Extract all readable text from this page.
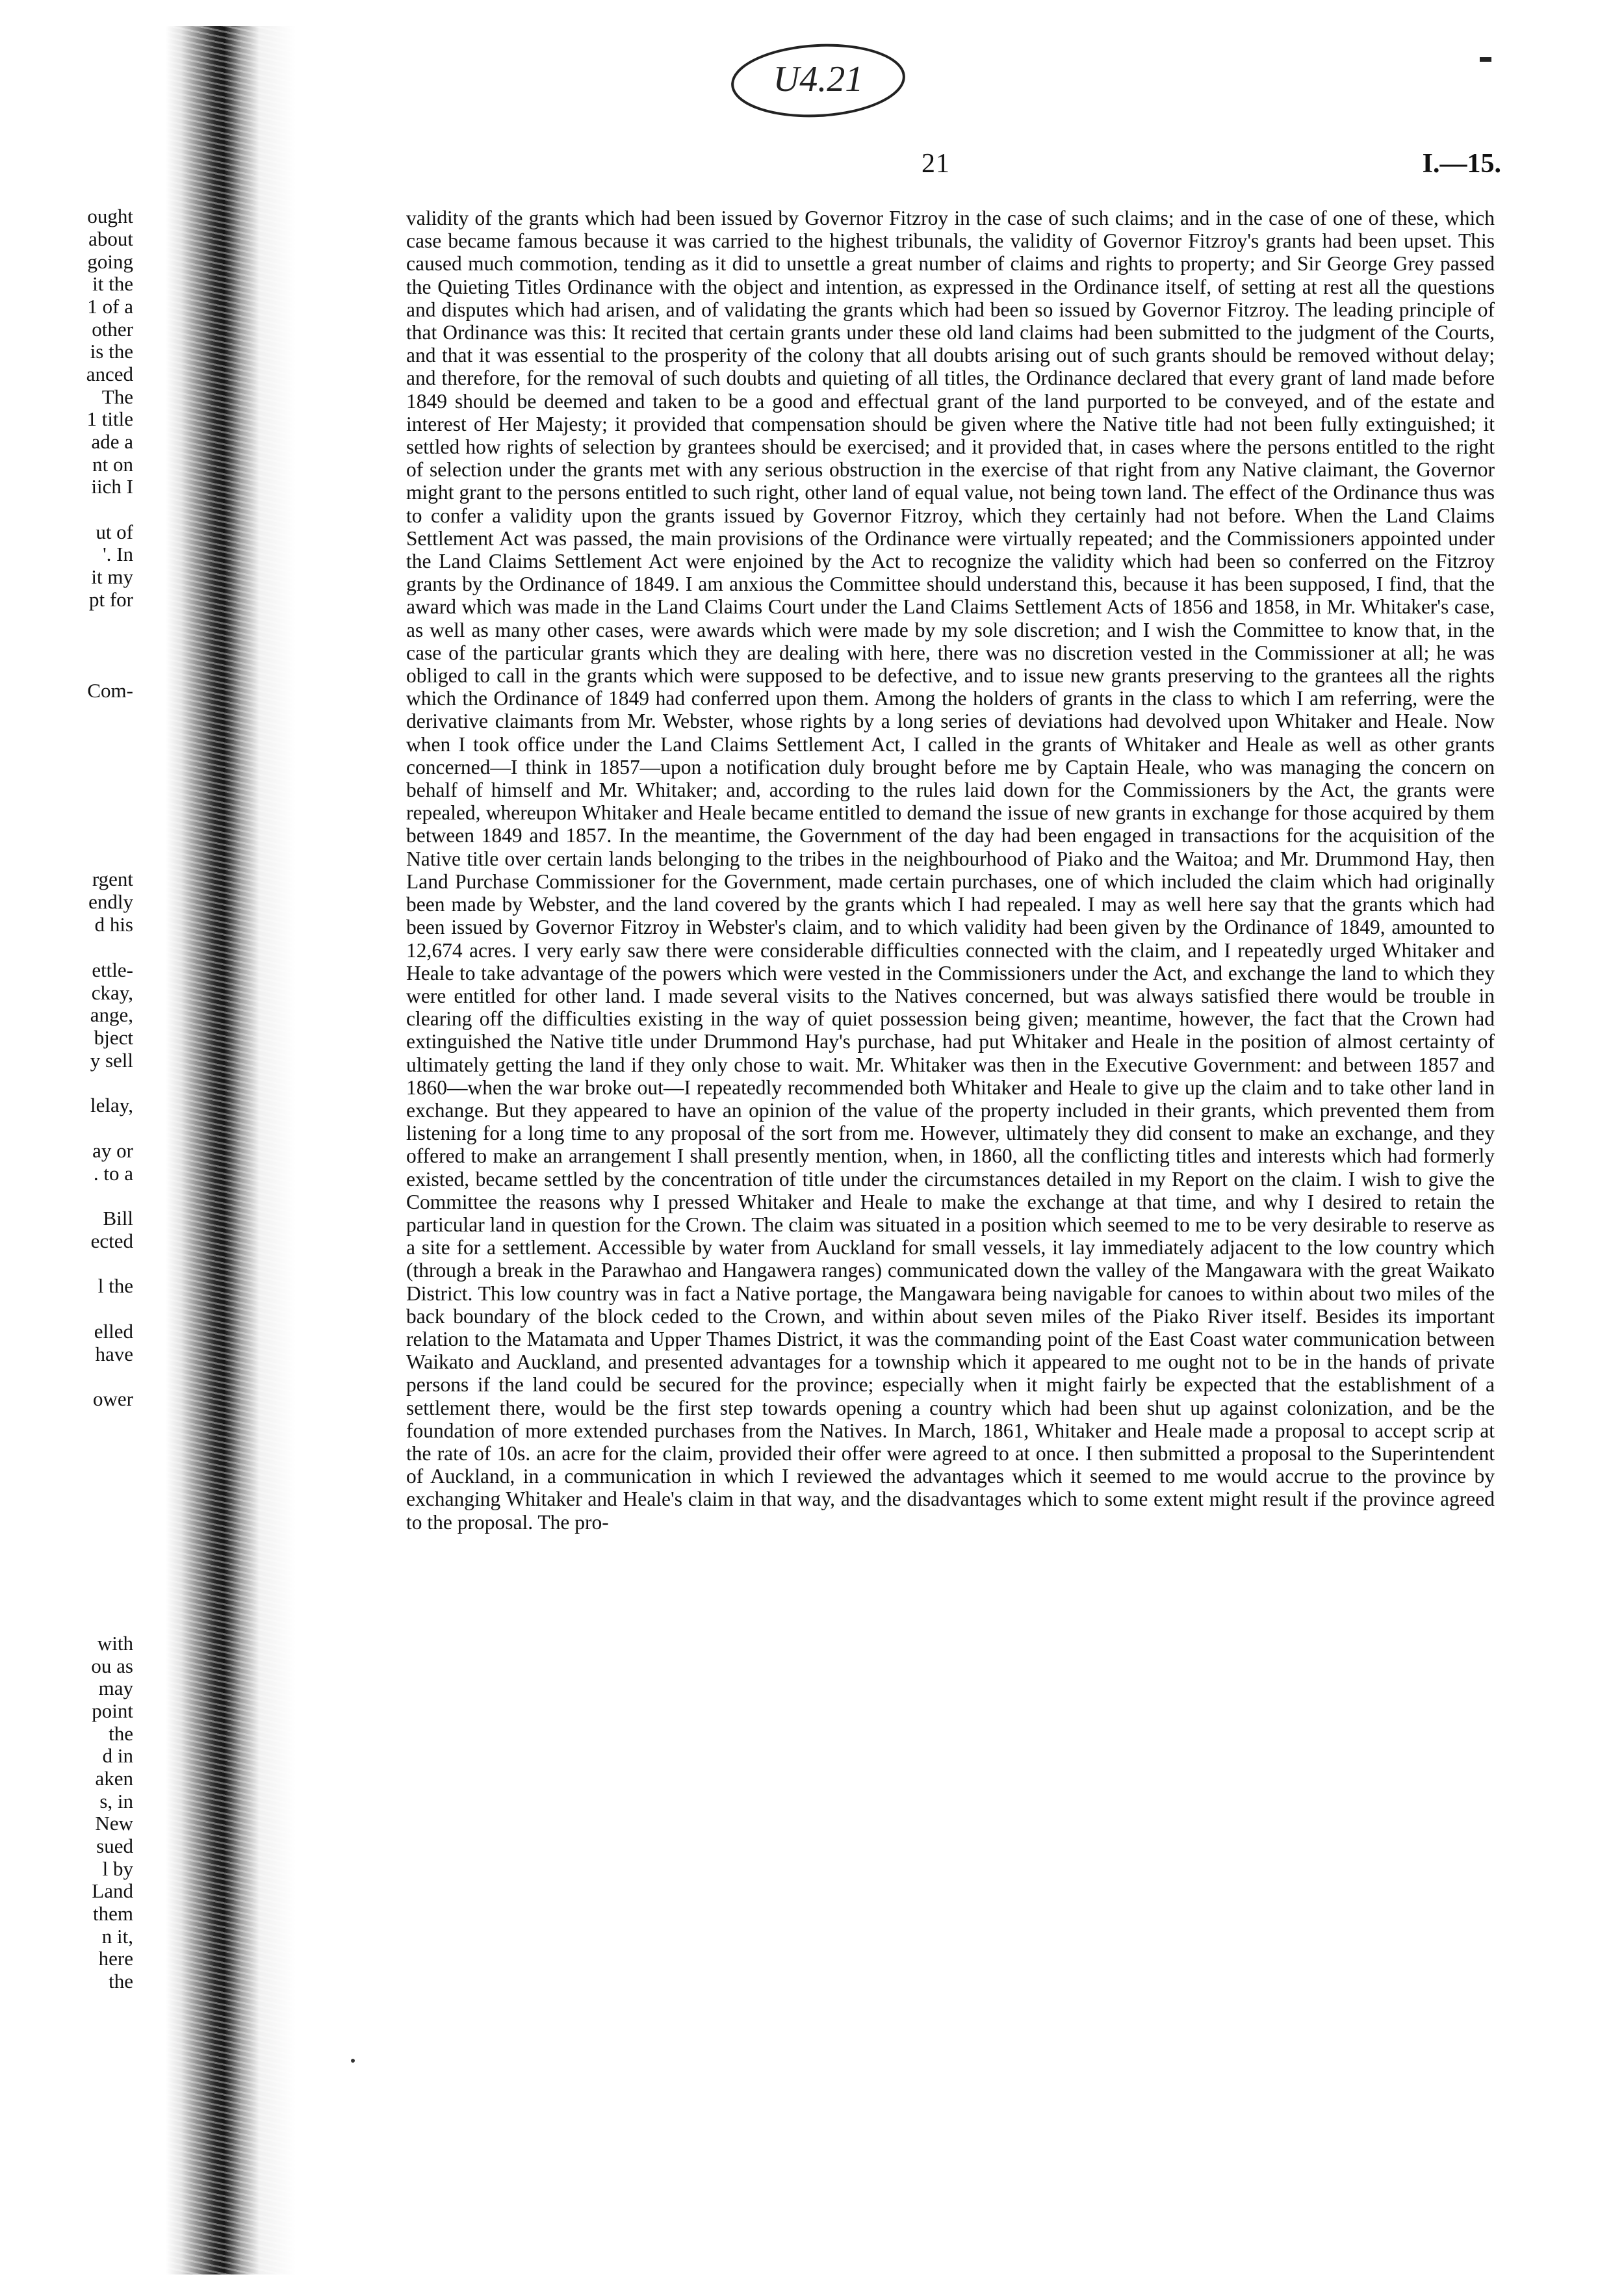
U4.21
21	I.—15.
ought
about
going
it the
1 of a
other
is the
anced
The
1 title
ade a
nt on
iich I
ut of
'. In
it my
pt for
Com-
rgent
endly
d his
ettle-
ckay,
ange,
bject
y sell
lelay,
ay or
. to a
Bill
ected
l the
elled
have
ower
with
ou as
may
point
the
d in
aken
s, in
New
sued
l by
Land
them
n it,
here
the

validity of the grants which had been issued by Governor Fitzroy in the case of such claims; and in the case of one of these, which case became famous because it was carried to the highest tribunals, the validity of Governor Fitzroy's grants had been upset. This caused much commotion, tending as it did to unsettle a great number of claims and rights to property; and Sir George Grey passed the Quieting Titles Ordinance with the object and intention, as expressed in the Ordinance itself, of setting at rest all the questions and disputes which had arisen, and of validating the grants which had been so issued by Governor Fitzroy. The leading principle of that Ordinance was this: It recited that certain grants under these old land claims had been submitted to the judgment of the Courts, and that it was essential to the prosperity of the colony that all doubts arising out of such grants should be removed without delay; and therefore, for the removal of such doubts and quieting of all titles, the Ordinance declared that every grant of land made before 1849 should be deemed and taken to be a good and effectual grant of the land purported to be conveyed, and of the estate and interest of Her Majesty; it provided that compensation should be given where the Native title had not been fully extinguished; it settled how rights of selection by grantees should be exercised; and it provided that, in cases where the persons entitled to the right of selection under the grants met with any serious obstruction in the exercise of that right from any Native claimant, the Governor might grant to the persons entitled to such right, other land of equal value, not being town land. The effect of the Ordinance thus was to confer a validity upon the grants issued by Governor Fitzroy, which they certainly had not before. When the Land Claims Settlement Act was passed, the main provisions of the Ordinance were virtually repeated; and the Commissioners appointed under the Land Claims Settlement Act were enjoined by the Act to recognize the validity which had been so conferred on the Fitzroy grants by the Ordinance of 1849. I am anxious the Committee should understand this, because it has been supposed, I find, that the award which was made in the Land Claims Court under the Land Claims Settlement Acts of 1856 and 1858, in Mr. Whitaker's case, as well as many other cases, were awards which were made by my sole discretion; and I wish the Committee to know that, in the case of the particular grants which they are dealing with here, there was no discretion vested in the Commissioner at all; he was obliged to call in the grants which were supposed to be defective, and to issue new grants preserving to the grantees all the rights which the Ordinance of 1849 had conferred upon them. Among the holders of grants in the class to which I am referring, were the derivative claimants from Mr. Webster, whose rights by a long series of deviations had devolved upon Whitaker and Heale. Now when I took office under the Land Claims Settlement Act, I called in the grants of Whitaker and Heale as well as other grants concerned—I think in 1857—upon a notification duly brought before me by Captain Heale, who was managing the concern on behalf of himself and Mr. Whitaker; and, according to the rules laid down for the Commissioners by the Act, the grants were repealed, whereupon Whitaker and Heale became entitled to demand the issue of new grants in exchange for those acquired by them between 1849 and 1857. In the meantime, the Government of the day had been engaged in transactions for the acquisition of the Native title over certain lands belonging to the tribes in the neighbourhood of Piako and the Waitoa; and Mr. Drummond Hay, then Land Purchase Commissioner for the Government, made certain purchases, one of which included the claim which had originally been made by Webster, and the land covered by the grants which I had repealed. I may as well here say that the grants which had been issued by Governor Fitzroy in Webster's claim, and to which validity had been given by the Ordinance of 1849, amounted to 12,674 acres. I very early saw there were considerable difficulties connected with the claim, and I repeatedly urged Whitaker and Heale to take advantage of the powers which were vested in the Commissioners under the Act, and exchange the land to which they were entitled for other land. I made several visits to the Natives concerned, but was always satisfied there would be trouble in clearing off the difficulties existing in the way of quiet possession being given; meantime, however, the fact that the Crown had extinguished the Native title under Drummond Hay's purchase, had put Whitaker and Heale in the position of almost certainty of ultimately getting the land if they only chose to wait. Mr. Whitaker was then in the Executive Government: and between 1857 and 1860—when the war broke out—I repeatedly recommended both Whitaker and Heale to give up the claim and to take other land in exchange. But they appeared to have an opinion of the value of the property included in their grants, which prevented them from listening for a long time to any proposal of the sort from me. However, ultimately they did consent to make an exchange, and they offered to make an arrangement I shall presently mention, when, in 1860, all the conflicting titles and interests which had formerly existed, became settled by the concentration of title under the circumstances detailed in my Report on the claim. I wish to give the Committee the reasons why I pressed Whitaker and Heale to make the exchange at that time, and why I desired to retain the particular land in question for the Crown. The claim was situated in a position which seemed to me to be very desirable to reserve as a site for a settlement. Accessible by water from Auckland for small vessels, it lay immediately adjacent to the low country which (through a break in the Parawhao and Hangawera ranges) communicated down the valley of the Mangawara with the great Waikato District. This low country was in fact a Native portage, the Mangawara being navigable for canoes to within about two miles of the back boundary of the block ceded to the Crown, and within about seven miles of the Piako River itself. Besides its important relation to the Matamata and Upper Thames District, it was the commanding point of the East Coast water communication between Waikato and Auckland, and presented advantages for a township which it appeared to me ought not to be in the hands of private persons if the land could be secured for the province; especially when it might fairly be expected that the establishment of a settlement there, would be the first step towards opening a country which had been shut up against colonization, and be the foundation of more extended purchases from the Natives. In March, 1861, Whitaker and Heale made a proposal to accept scrip at the rate of 10s. an acre for the claim, provided their offer were agreed to at once. I then submitted a proposal to the Superintendent of Auckland, in a communication in which I reviewed the advantages which it seemed to me would accrue to the province by exchanging Whitaker and Heale's claim in that way, and the disadvantages which to some extent might result if the province agreed to the proposal. The pro-
